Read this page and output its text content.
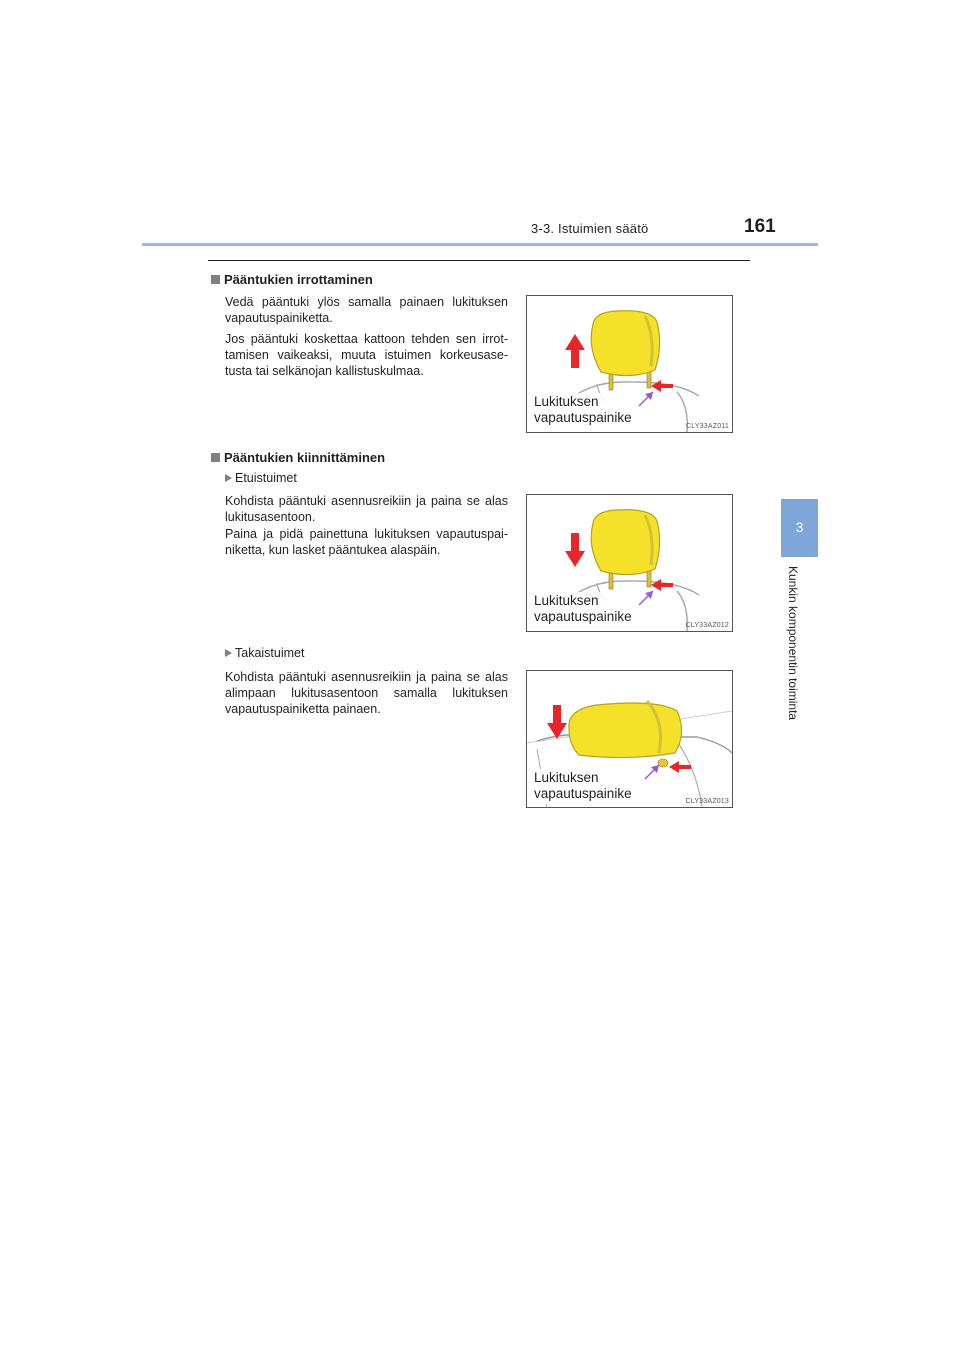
3-3. Istuimien säätö	161
3
Kunkin komponentin toiminta
Pääntukien irrottaminen
Vedä pääntuki ylös samalla painaen lukituksen vapautuspainiketta.
Jos pääntuki koskettaa kattoon tehden sen irrot-tamisen vaikeaksi, muuta istuimen korkeusase-tusta tai selkänojan kallistuskulmaa.
Lukituksen
vapautuspainike
CLY33AZ011
Pääntukien kiinnittäminen
Etuistuimet
Kohdista pääntuki asennusreikiin ja paina se alas lukitusasentoon.
Paina ja pidä painettuna lukituksen vapautuspai-niketta, kun lasket pääntukea alaspäin.
Lukituksen
vapautuspainike
CLY33AZ012
Takaistuimet
Kohdista pääntuki asennusreikiin ja paina se alas alimpaan lukitusasentoon samalla lukituksen vapautuspainiketta painaen.
Lukituksen
vapautuspainike
CLY33AZ013
